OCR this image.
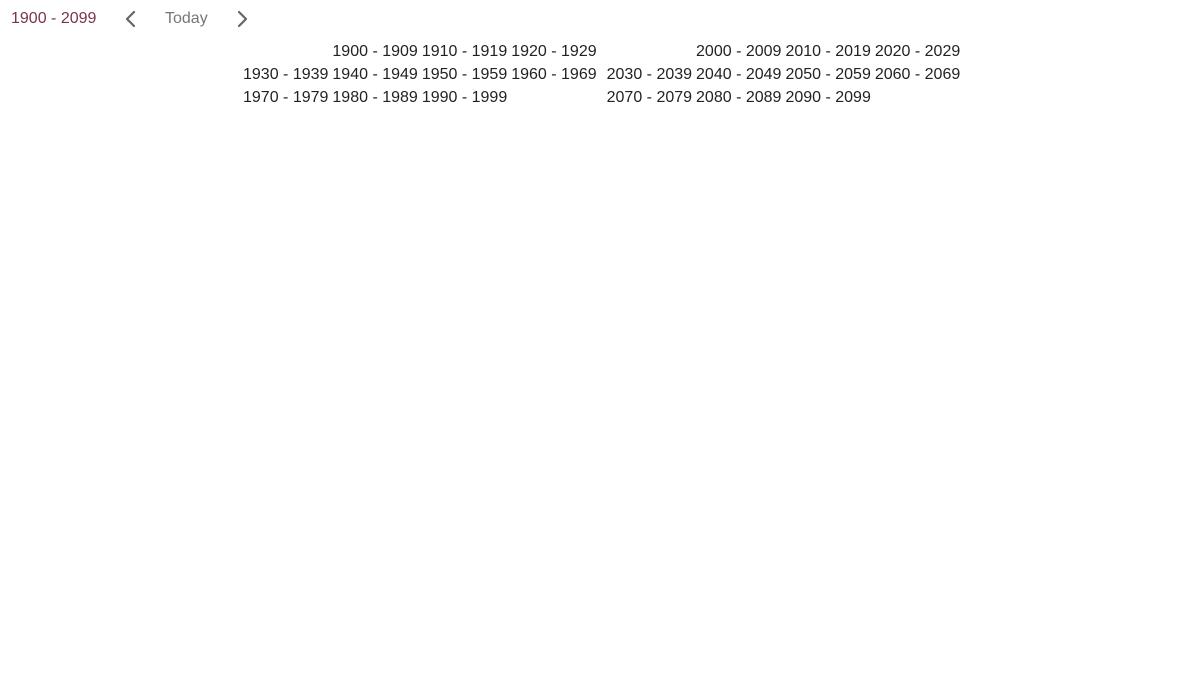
1900 - 2099	Today
	1900 - 1909	1910 - 1919	1920 - 1929
1930 - 1939	1940 - 1949	1950 - 1959	1960 - 1969
1970 - 1979	1980 - 1989	1990 - 1999	
	2000 - 2009	2010 - 2019	2020 - 2029
2030 - 2039	2040 - 2049	2050 - 2059	2060 - 2069
2070 - 2079	2080 - 2089	2090 - 2099	
